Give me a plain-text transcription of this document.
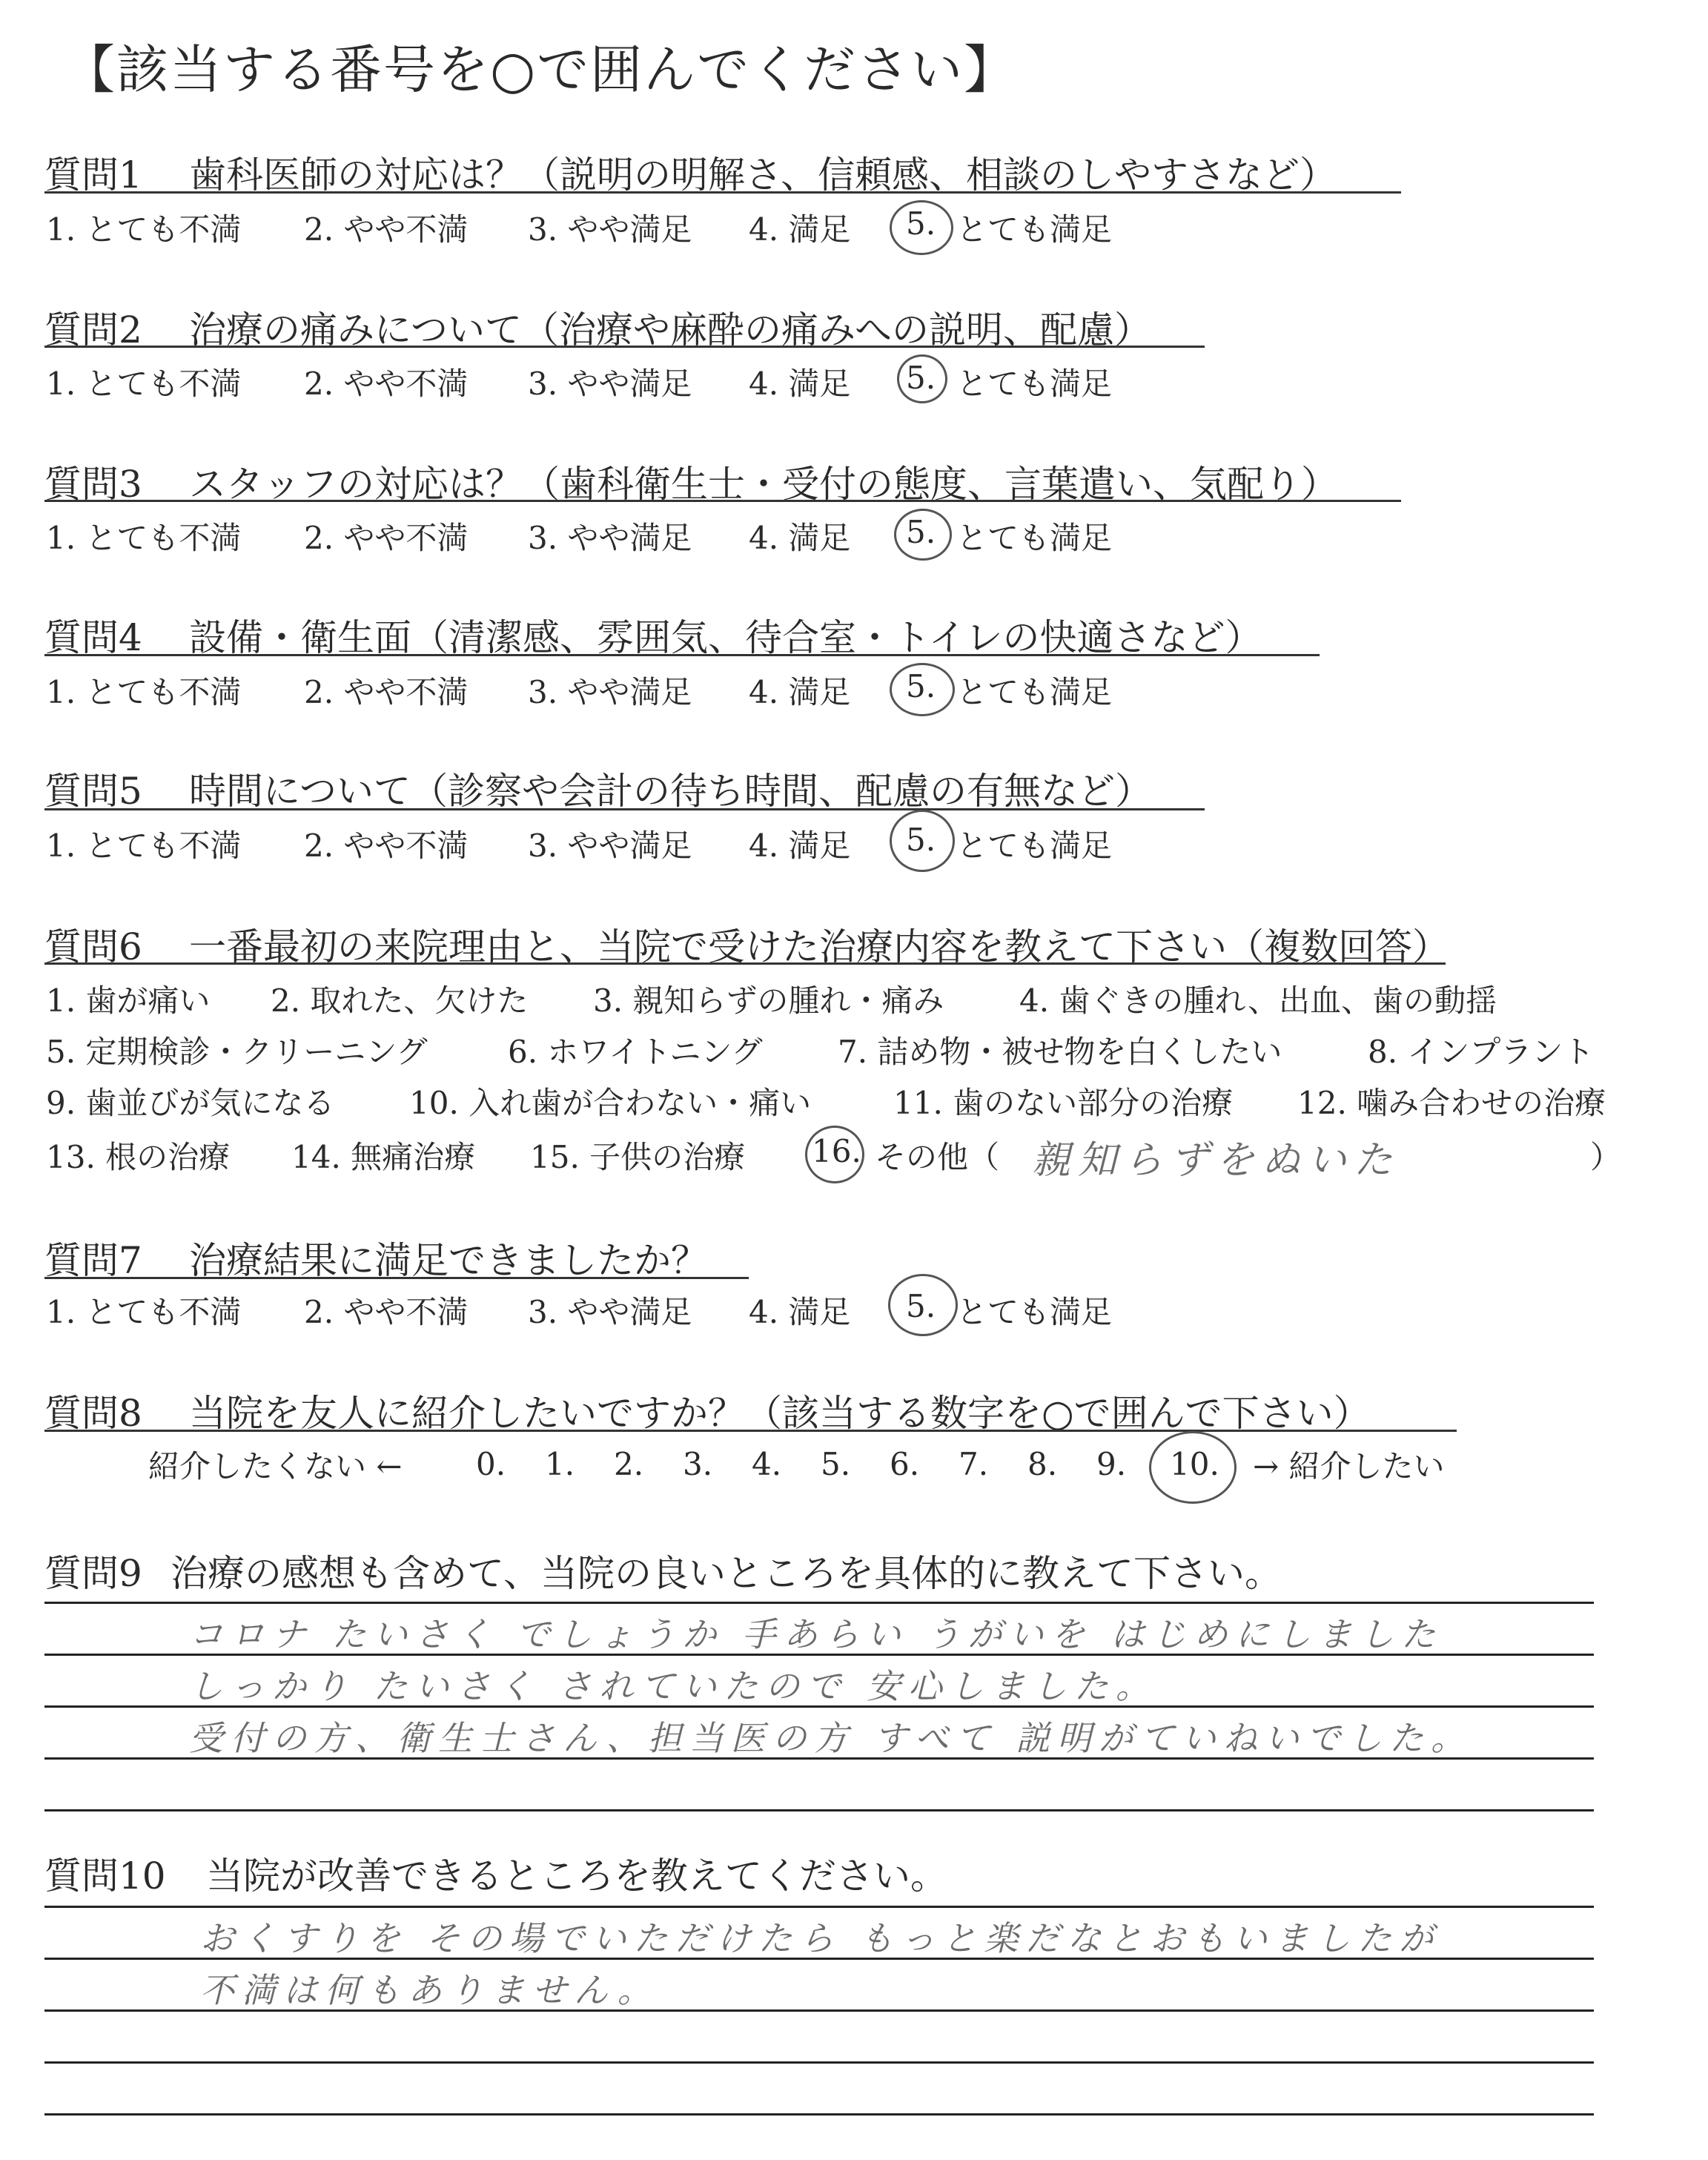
【該当する番号を○で囲んでください】
質問1 歯科医師の対応は？（説明の明解さ、信頼感、相談のしやすさなど）
1. とても不満 2. やや不満 3. やや満足 4. 満足 5. とても満足
質問2 治療の痛みについて（治療や麻酔の痛みへの説明、配慮）
1. とても不満 2. やや不満 3. やや満足 4. 満足 5. とても満足
質問3 スタッフの対応は？（歯科衛生士・受付の態度、言葉遣い、気配り）
1. とても不満 2. やや不満 3. やや満足 4. 満足 5. とても満足
質問4 設備・衛生面（清潔感、雰囲気、待合室・トイレの快適さなど）
1. とても不満 2. やや不満 3. やや満足 4. 満足 5. とても満足
質問5 時間について（診察や会計の待ち時間、配慮の有無など）
1. とても不満 2. やや不満 3. やや満足 4. 満足 5. とても満足
質問6 一番最初の来院理由と、当院で受けた治療内容を教えて下さい（複数回答）
1. 歯が痛い 2. 取れた、欠けた 3. 親知らずの腫れ・痛み 4. 歯ぐきの腫れ、出血、歯の動揺
5. 定期検診・クリーニング	6. ホワイトニング 7. 詰め物・被せ物を白くしたい	8. インプラント
9. 歯並びが気になる 10. 入れ歯が合わない・痛い	11. 歯のない部分の治療 12. 噛み合わせの治療
13. 根の治療 14. 無痛治療 15. 子供の治療 16. その他（ 親知らずをぬいた	）
質問7 治療結果に満足できましたか？
1. とても不満 2. やや不満 3. やや満足 4. 満足 5. とても満足
質問8 当院を友人に紹介したいですか？（該当する数字を○で囲んで下さい）
紹介したくない ← 0. 1. 2. 3. 4. 5. 6. 7. 8. 9. 10. → 紹介したい
質問9 治療の感想も含めて、当院の良いところを具体的に教えて下さい。
コロナ たいさく でしょうか 手あらい うがいを はじめにしました
しっかり たいさく されていたので 安心しました。
受付の方、衛生士さん、担当医の方 すべて 説明がていねいでした。
質問10 当院が改善できるところを教えてください。
おくすりを その場でいただけたら もっと楽だなとおもいましたが
不満は何もありません。
